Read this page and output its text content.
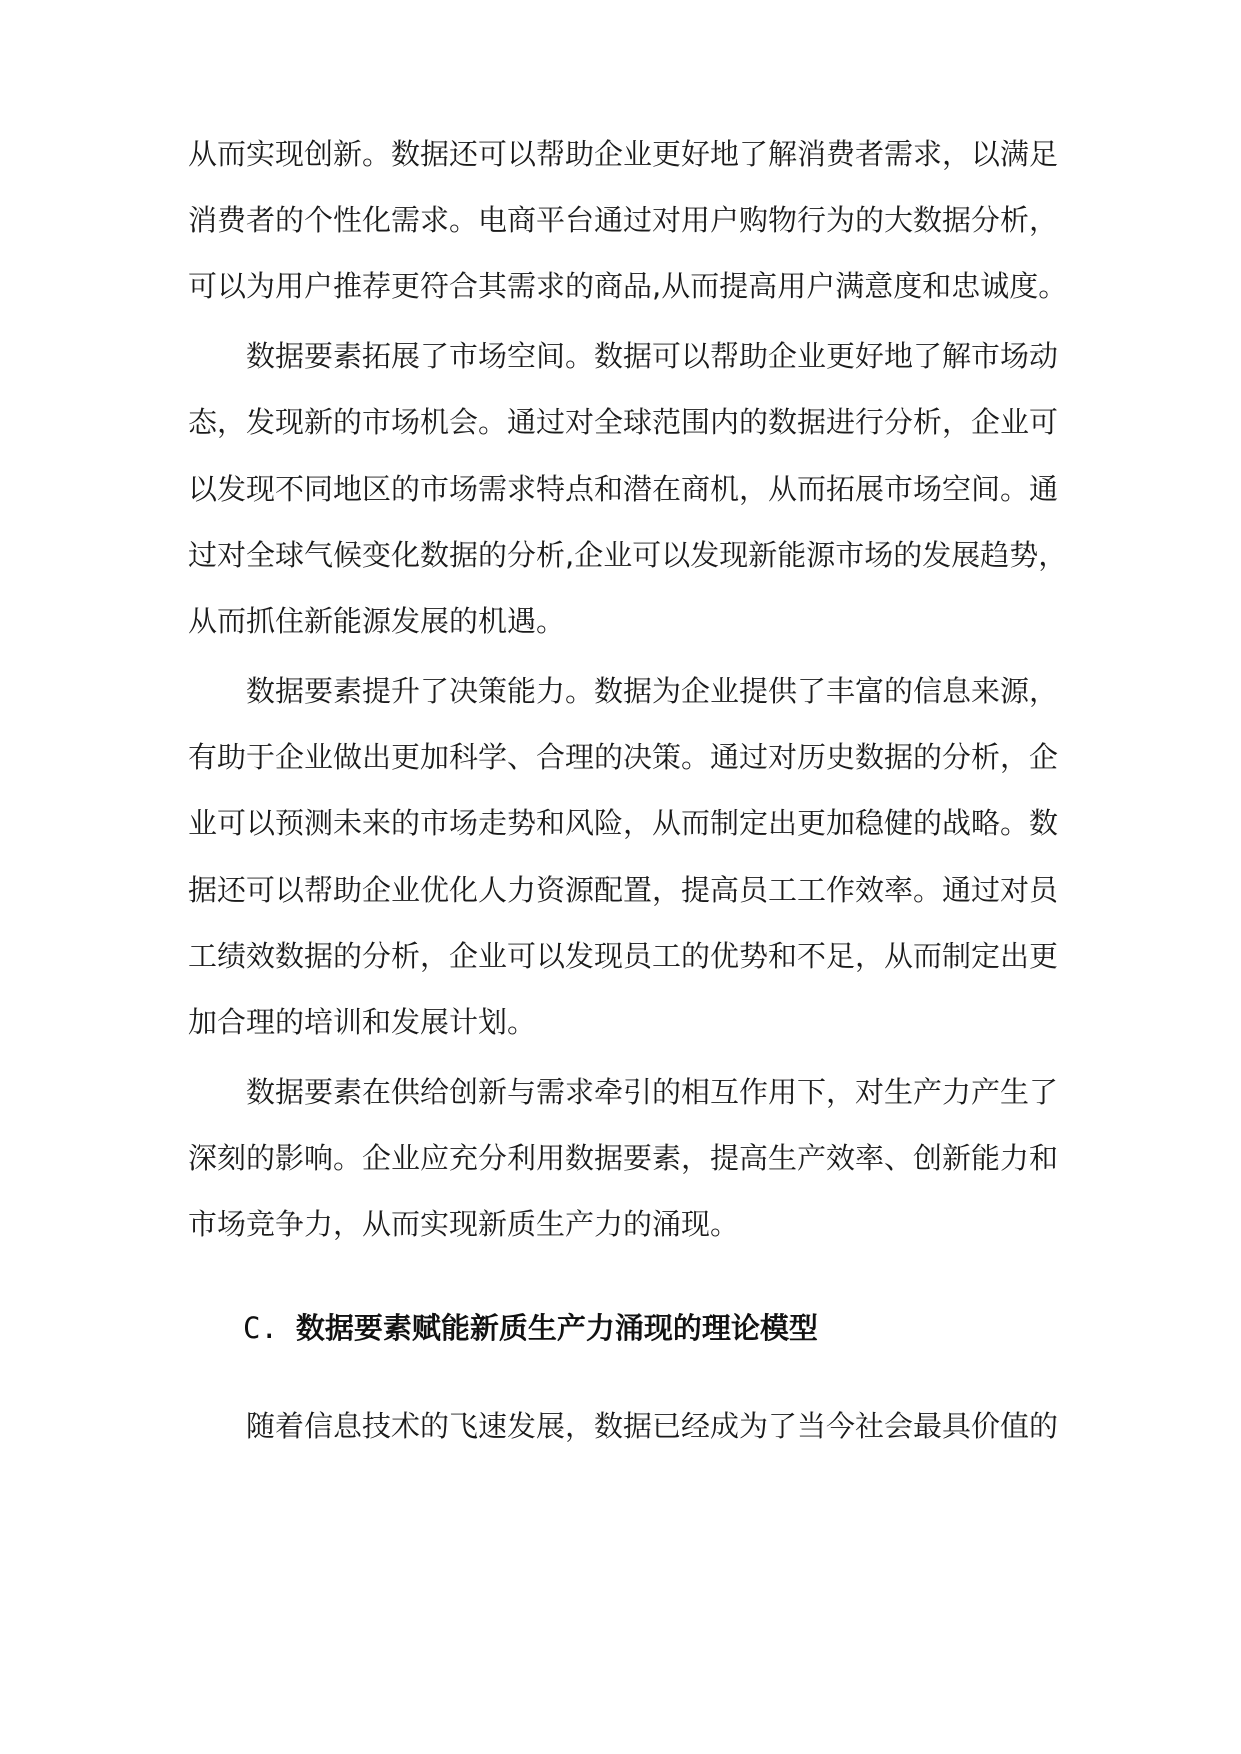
从而实现创新。数据还可以帮助企业更好地了解消费者需求，以满足
消费者的个性化需求。电商平台通过对用户购物行为的大数据分析，
可以为用户推荐更符合其需求的商品,从而提高用户满意度和忠诚度。
数据要素拓展了市场空间。数据可以帮助企业更好地了解市场动
态，发现新的市场机会。通过对全球范围内的数据进行分析，企业可
以发现不同地区的市场需求特点和潜在商机，从而拓展市场空间。通
过对全球气候变化数据的分析,企业可以发现新能源市场的发展趋势，
从而抓住新能源发展的机遇。
数据要素提升了决策能力。数据为企业提供了丰富的信息来源，
有助于企业做出更加科学、合理的决策。通过对历史数据的分析，企
业可以预测未来的市场走势和风险，从而制定出更加稳健的战略。数
据还可以帮助企业优化人力资源配置，提高员工工作效率。通过对员
工绩效数据的分析，企业可以发现员工的优势和不足，从而制定出更
加合理的培训和发展计划。
数据要素在供给创新与需求牵引的相互作用下，对生产力产生了
深刻的影响。企业应充分利用数据要素，提高生产效率、创新能力和
市场竞争力，从而实现新质生产力的涌现。
随着信息技术的飞速发展，数据已经成为了当今社会最具价值的
C. 数据要素赋能新质生产力涌现的理论模型
